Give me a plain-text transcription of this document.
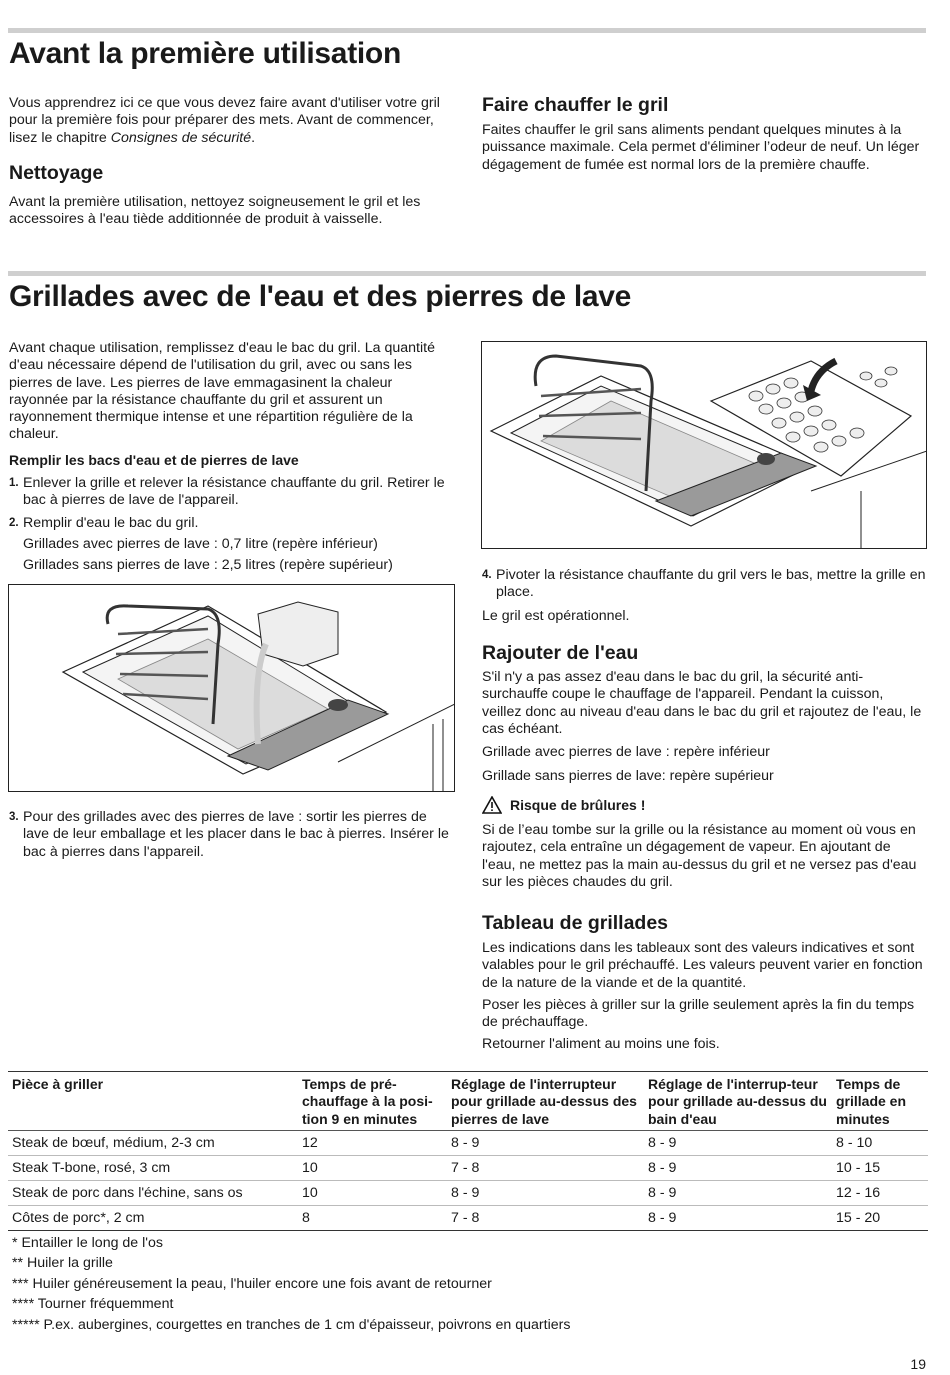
Avant la première utilisation

Vous apprendrez ici ce que vous devez faire avant d'utiliser votre gril pour la première fois pour préparer des mets. Avant de commencer, lisez le chapitre Consignes de sécurité.

Nettoyage

Avant la première utilisation, nettoyez soigneusement le gril et les accessoires à l'eau tiède additionnée de produit à vaisselle.

Faire chauffer le gril

Faites chauffer le gril sans aliments pendant quelques minutes à la puissance maximale. Cela permet d'éliminer l’odeur de neuf. Un léger dégagement de fumée est normal lors de la première chauffe.

Grillades avec de l'eau et des pierres de lave

Avant chaque utilisation, remplissez d'eau le bac du gril. La quantité d'eau nécessaire dépend de l'utilisation du gril, avec ou sans les pierres de lave. Les pierres de lave emmagasinent la chaleur rayonnée par la résistance chauffante du gril et assurent un rayonnement thermique intense et une répartition régulière de la chaleur.

Remplir les bacs d'eau et de pierres de lave
1. Enlever la grille et relever la résistance chauffante du gril. Retirer le bac à pierres de lave de l'appareil.
2. Remplir d'eau le bac du gril.

Grillades avec pierres de lave : 0,7 litre (repère inférieur)

Grillades sans pierres de lave : 2,5 litres (repère supérieur)

3. Pour des grillades avec des pierres de lave : sortir les pierres de lave de leur emballage et les placer dans le bac à pierres. Insérer le bac à pierres dans l'appareil.
4. Pivoter la résistance chauffante du gril vers le bas, mettre la grille en place.

Le gril est opérationnel.

Rajouter de l'eau

S'il n'y a pas assez d'eau dans le bac du gril, la sécurité anti-surchauffe coupe le chauffage de l'appareil. Pendant la cuisson, veillez donc au niveau d'eau dans le bac du gril et rajoutez de l'eau, le cas échéant.

Grillade avec pierres de lave : repère inférieur

Grillade sans pierres de lave: repère supérieur

Risque de brûlures !

Si de l’eau tombe sur la grille ou la résistance au moment où vous en rajoutez, cela entraîne un dégagement de vapeur. En ajoutant de l'eau, ne mettez pas la main au-dessus du gril et ne versez pas d'eau sur les pièces chaudes du gril.

Tableau de grillades

Les indications dans les tableaux sont des valeurs indicatives et sont valables pour le gril préchauffé. Les valeurs peuvent varier en fonction de la nature de la viande et de la quantité.

Poser les pièces à griller sur la grille seulement après la fin du temps de préchauffage.

Retourner l'aliment au moins une fois.

Pièce à griller	Temps de pré-chauffage à la posi-tion 9 en minutes	Réglage de l'interrupteur pour grillade au-dessus des pierres de lave	Réglage de l'interrup-teur pour grillade au-dessus du bain d'eau	Temps de grillade en minutes
Steak de bœuf, médium, 2-3 cm	12	8 - 9	8 - 9	8 - 10
Steak T-bone, rosé, 3 cm	10	7 - 8	8 - 9	10 - 15
Steak de porc dans l'échine, sans os	10	8 - 9	8 - 9	12 - 16
Côtes de porc*, 2 cm	8	7 - 8	8 - 9	15 - 20

* Entailler le long de l'os

** Huiler la grille

*** Huiler généreusement la peau, l'huiler encore une fois avant de retourner

**** Tourner fréquemment

***** P.ex. aubergines, courgettes en tranches de 1 cm d'épaisseur, poivrons en quartiers

19
